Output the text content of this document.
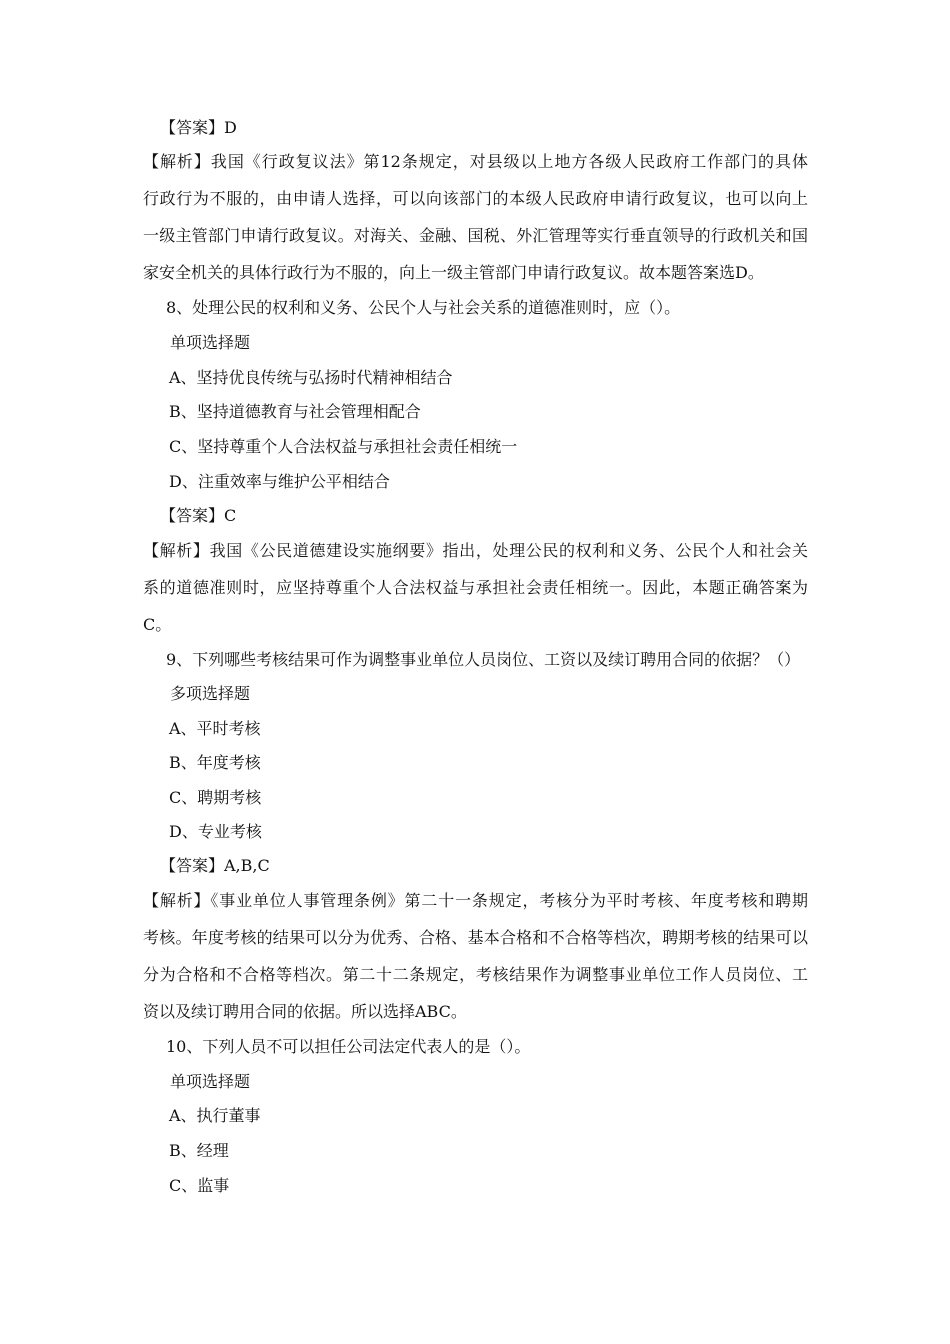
【答案】D
【解析】我国《行政复议法》第12条规定，对县级以上地方各级人民政府工作部门的具体
行政行为不服的，由申请人选择，可以向该部门的本级人民政府申请行政复议，也可以向上
一级主管部门申请行政复议。对海关、金融、国税、外汇管理等实行垂直领导的行政机关和国
家安全机关的具体行政行为不服的，向上一级主管部门申请行政复议。故本题答案选D。
8、处理公民的权利和义务、公民个人与社会关系的道德准则时，应（）。
单项选择题
A、坚持优良传统与弘扬时代精神相结合
B、坚持道德教育与社会管理相配合
C、坚持尊重个人合法权益与承担社会责任相统一
D、注重效率与维护公平相结合
【答案】C
【解析】我国《公民道德建设实施纲要》指出，处理公民的权利和义务、公民个人和社会关
系的道德准则时，应坚持尊重个人合法权益与承担社会责任相统一。因此，本题正确答案为
C。
9、下列哪些考核结果可作为调整事业单位人员岗位、工资以及续订聘用合同的依据？（）
多项选择题
A、平时考核
B、年度考核
C、聘期考核
D、专业考核
【答案】A,B,C
【解析】《事业单位人事管理条例》第二十一条规定，考核分为平时考核、年度考核和聘期
考核。年度考核的结果可以分为优秀、合格、基本合格和不合格等档次，聘期考核的结果可以
分为合格和不合格等档次。第二十二条规定，考核结果作为调整事业单位工作人员岗位、工
资以及续订聘用合同的依据。所以选择ABC。
10、下列人员不可以担任公司法定代表人的是（）。
单项选择题
A、执行董事
B、经理
C、监事
